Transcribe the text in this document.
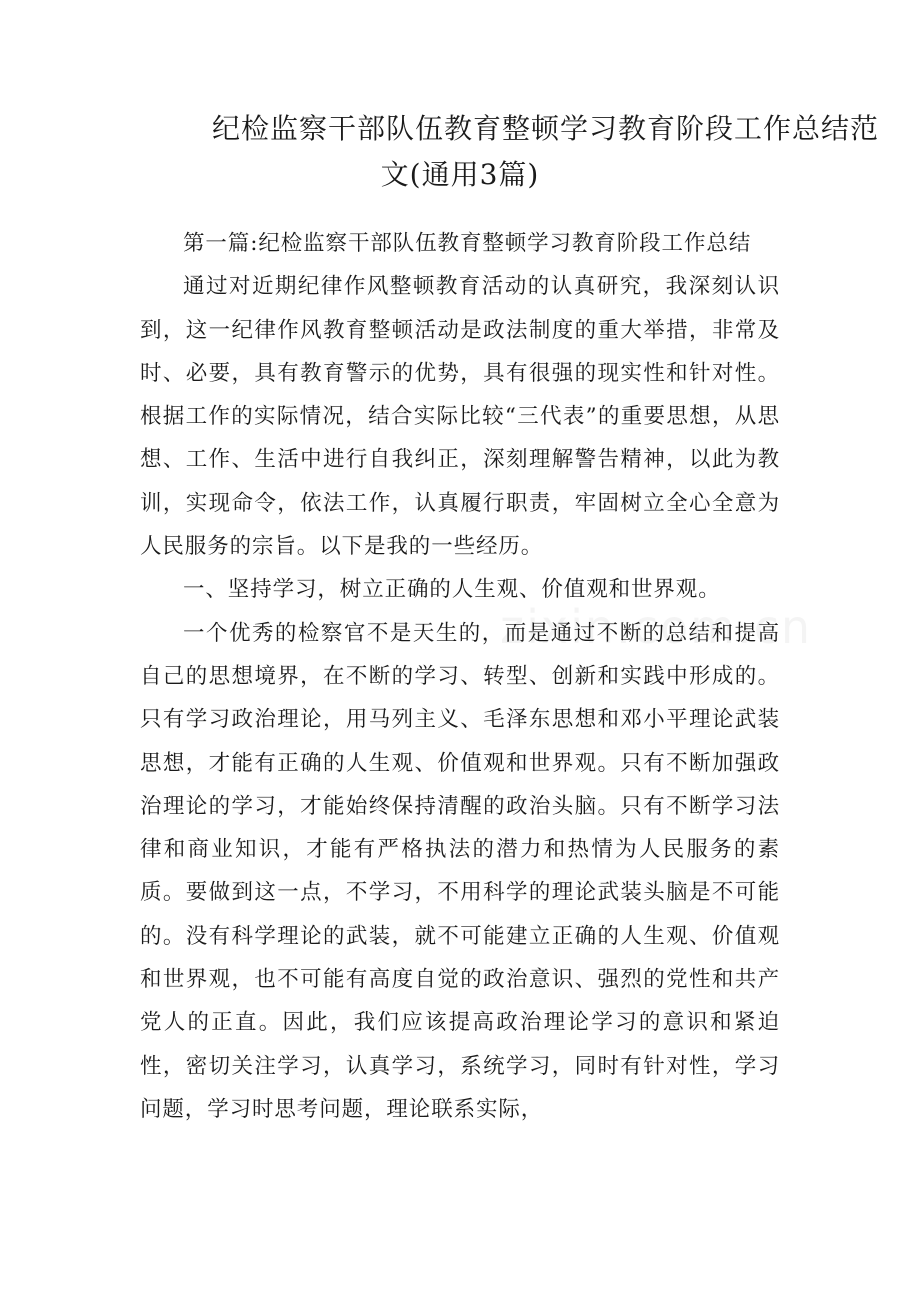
纪检监察干部队伍教育整顿学习教育阶段工作总结范
文(通用3篇)

第一篇:纪检监察干部队伍教育整顿学习教育阶段工作总结

通过对近期纪律作风整顿教育活动的认真研究，我深刻认识到，这一纪律作风教育整顿活动是政法制度的重大举措，非常及时、必要，具有教育警示的优势，具有很强的现实性和针对性。根据工作的实际情况，结合实际比较“三代表”的重要思想，从思想、工作、生活中进行自我纠正，深刻理解警告精神，以此为教训，实现命令，依法工作，认真履行职责，牢固树立全心全意为人民服务的宗旨。以下是我的一些经历。

一、坚持学习，树立正确的人生观、价值观和世界观。

一个优秀的检察官不是天生的，而是通过不断的总结和提高自己的思想境界，在不断的学习、转型、创新和实践中形成的。只有学习政治理论，用马列主义、毛泽东思想和邓小平理论武装思想，才能有正确的人生观、价值观和世界观。只有不断加强政治理论的学习，才能始终保持清醒的政治头脑。只有不断学习法律和商业知识，才能有严格执法的潜力和热情为人民服务的素质。要做到这一点，不学习，不用科学的理论武装头脑是不可能的。没有科学理论的武装，就不可能建立正确的人生观、价值观和世界观，也不可能有高度自觉的政治意识、强烈的党性和共产党人的正直。因此，我们应该提高政治理论学习的意识和紧迫性，密切关注学习，认真学习，系统学习，同时有针对性，学习问题，学习时思考问题，理论联系实际，
